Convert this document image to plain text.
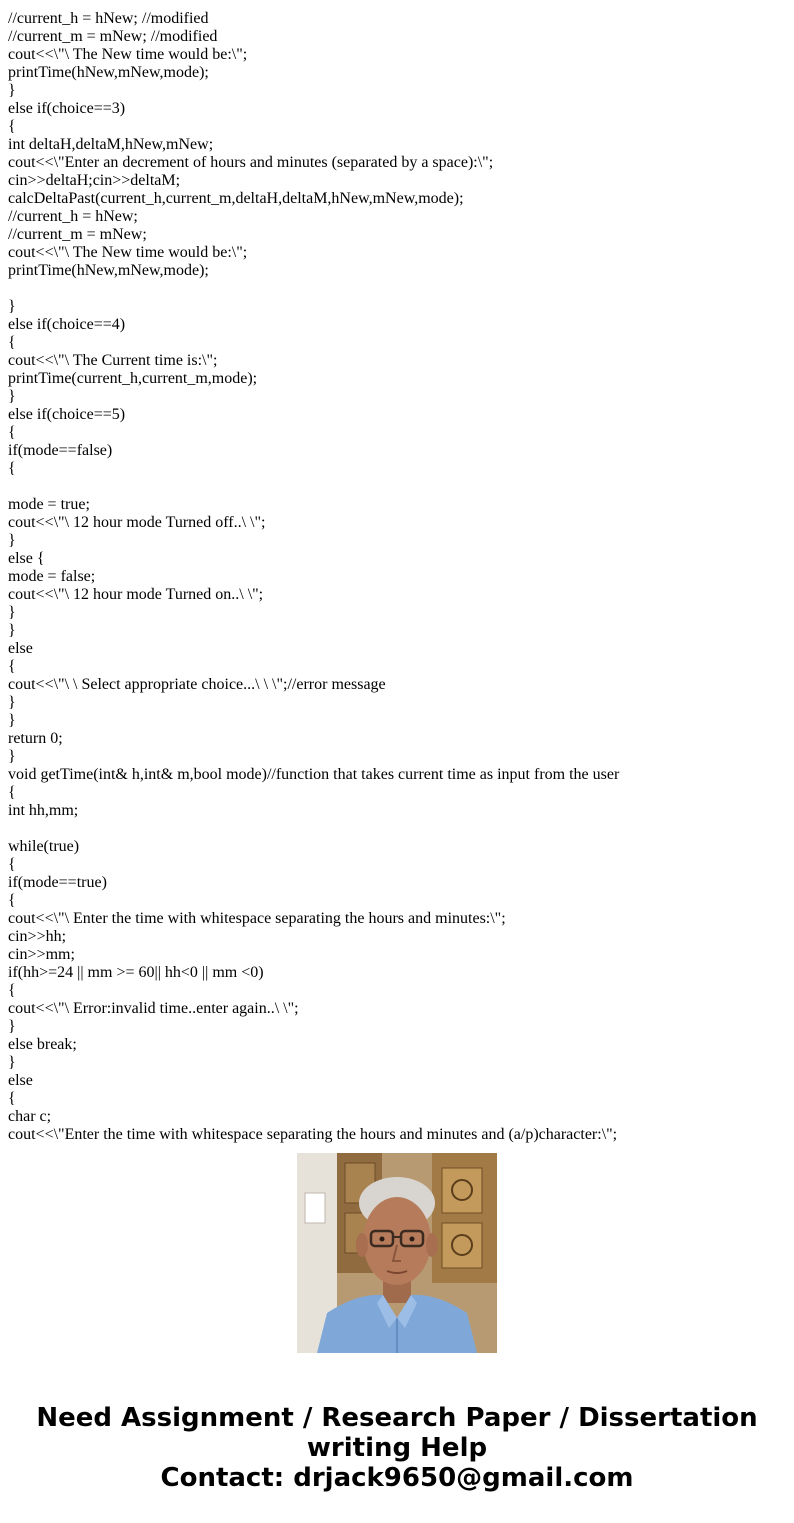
//current_h = hNew; //modified
//current_m = mNew; //modified
cout<<\"\ The New time would be:\";
printTime(hNew,mNew,mode);
}
else if(choice==3)
{
int deltaH,deltaM,hNew,mNew;
cout<<\"Enter an decrement of hours and minutes (separated by a space):\";
cin>>deltaH;cin>>deltaM;
calcDeltaPast(current_h,current_m,deltaH,deltaM,hNew,mNew,mode);
//current_h = hNew;
//current_m = mNew;
cout<<\"\ The New time would be:\";
printTime(hNew,mNew,mode);
}
else if(choice==4)
{
cout<<\"\ The Current time is:\";
printTime(current_h,current_m,mode);
}
else if(choice==5)
{
if(mode==false)
{
mode = true;
cout<<\"\ 12 hour mode Turned off..\ \";
}
else {
mode = false;
cout<<\"\ 12 hour mode Turned on..\ \";
}
}
else
{
cout<<\"\ \ Select appropriate choice...\ \ \";//error message
}
}
return 0;
}
void getTime(int& h,int& m,bool mode)//function that takes current time as input from the user
{
int hh,mm;
while(true)
{
if(mode==true)
{
cout<<\"\ Enter the time with whitespace separating the hours and minutes:\";
cin>>hh;
cin>>mm;
if(hh>=24 || mm >= 60|| hh<0 || mm <0)
{
cout<<\"\ Error:invalid time..enter again..\ \";
}
else break;
}
else
{
char c;
cout<<\"Enter the time with whitespace separating the hours and minutes and (a/p)character:\";
Need Assignment / Research Paper / Dissertation
writing Help
Contact: drjack9650@gmail.com
